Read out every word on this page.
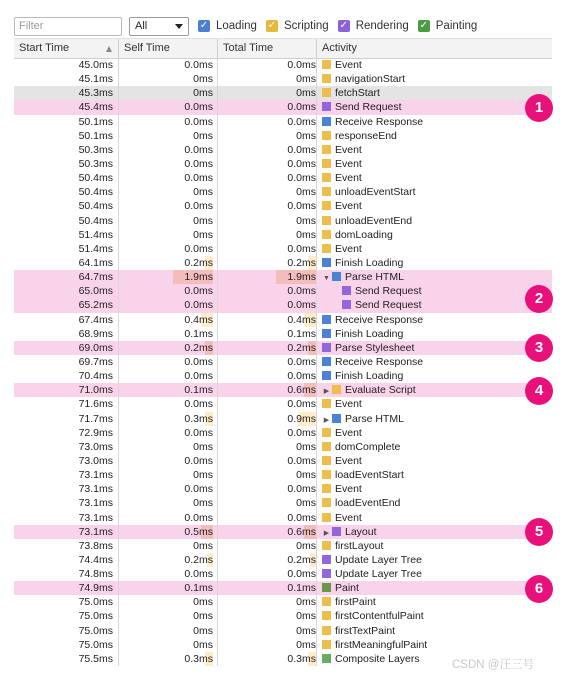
Filter
All	✓ Loading ✓ Scripting ✓ Rendering ✓ Painting
Start Time	Self Time	Total Time	Activity
45.0ms	0.0ms	0.0ms	Event
45.1ms	0ms	0ms	navigationStart
45.3ms	0ms	0ms	fetchStart
45.4ms	0.0ms	0.0ms	Send Request
50.1ms	0.0ms	0.0ms	Receive Response
50.1ms	0ms	0ms	responseEnd
50.3ms	0.0ms	0.0ms	Event
50.3ms	0.0ms	0.0ms	Event
50.4ms	0.0ms	0.0ms	Event
50.4ms	0ms	0ms	unloadEventStart
50.4ms	0.0ms	0.0ms	Event
50.4ms	0ms	0ms	unloadEventEnd
51.4ms	0ms	0ms	domLoading
51.4ms	0.0ms	0.0ms	Event
64.1ms	0.2ms	0.2ms	Finish Loading
64.7ms	1.9ms	1.9ms	▼ Parse HTML
65.0ms	0.0ms	0.0ms	Send Request
65.2ms	0.0ms	0.0ms	Send Request
67.4ms	0.4ms	0.4ms	Receive Response
68.9ms	0.1ms	0.1ms	Finish Loading
69.0ms	0.2ms	0.2ms	Parse Stylesheet
69.7ms	0.0ms	0.0ms	Receive Response
70.4ms	0.0ms	0.0ms	Finish Loading
71.0ms	0.1ms	0.6ms	▶ Evaluate Script
71.6ms	0.0ms	0.0ms	Event
71.7ms	0.3ms	0.9ms	▶ Parse HTML
72.9ms	0.0ms	0.0ms	Event
73.0ms	0ms	0ms	domComplete
73.0ms	0.0ms	0.0ms	Event
73.1ms	0ms	0ms	loadEventStart
73.1ms	0.0ms	0.0ms	Event
73.1ms	0ms	0ms	loadEventEnd
73.1ms	0.0ms	0.0ms	Event
73.1ms	0.5ms	0.6ms	▶ Layout
73.8ms	0ms	0ms	firstLayout
74.4ms	0.2ms	0.2ms	Update Layer Tree
74.8ms	0.0ms	0.0ms	Update Layer Tree
74.9ms	0.1ms	0.1ms	Paint
75.0ms	0ms	0ms	firstPaint
75.0ms	0ms	0ms	firstContentfulPaint
75.0ms	0ms	0ms	firstTextPaint
75.0ms	0ms	0ms	firstMeaningfulPaint
75.5ms	0.3ms	0.3ms	Composite Layers
1
2
3
4
5
6
CSDN @汪三号
